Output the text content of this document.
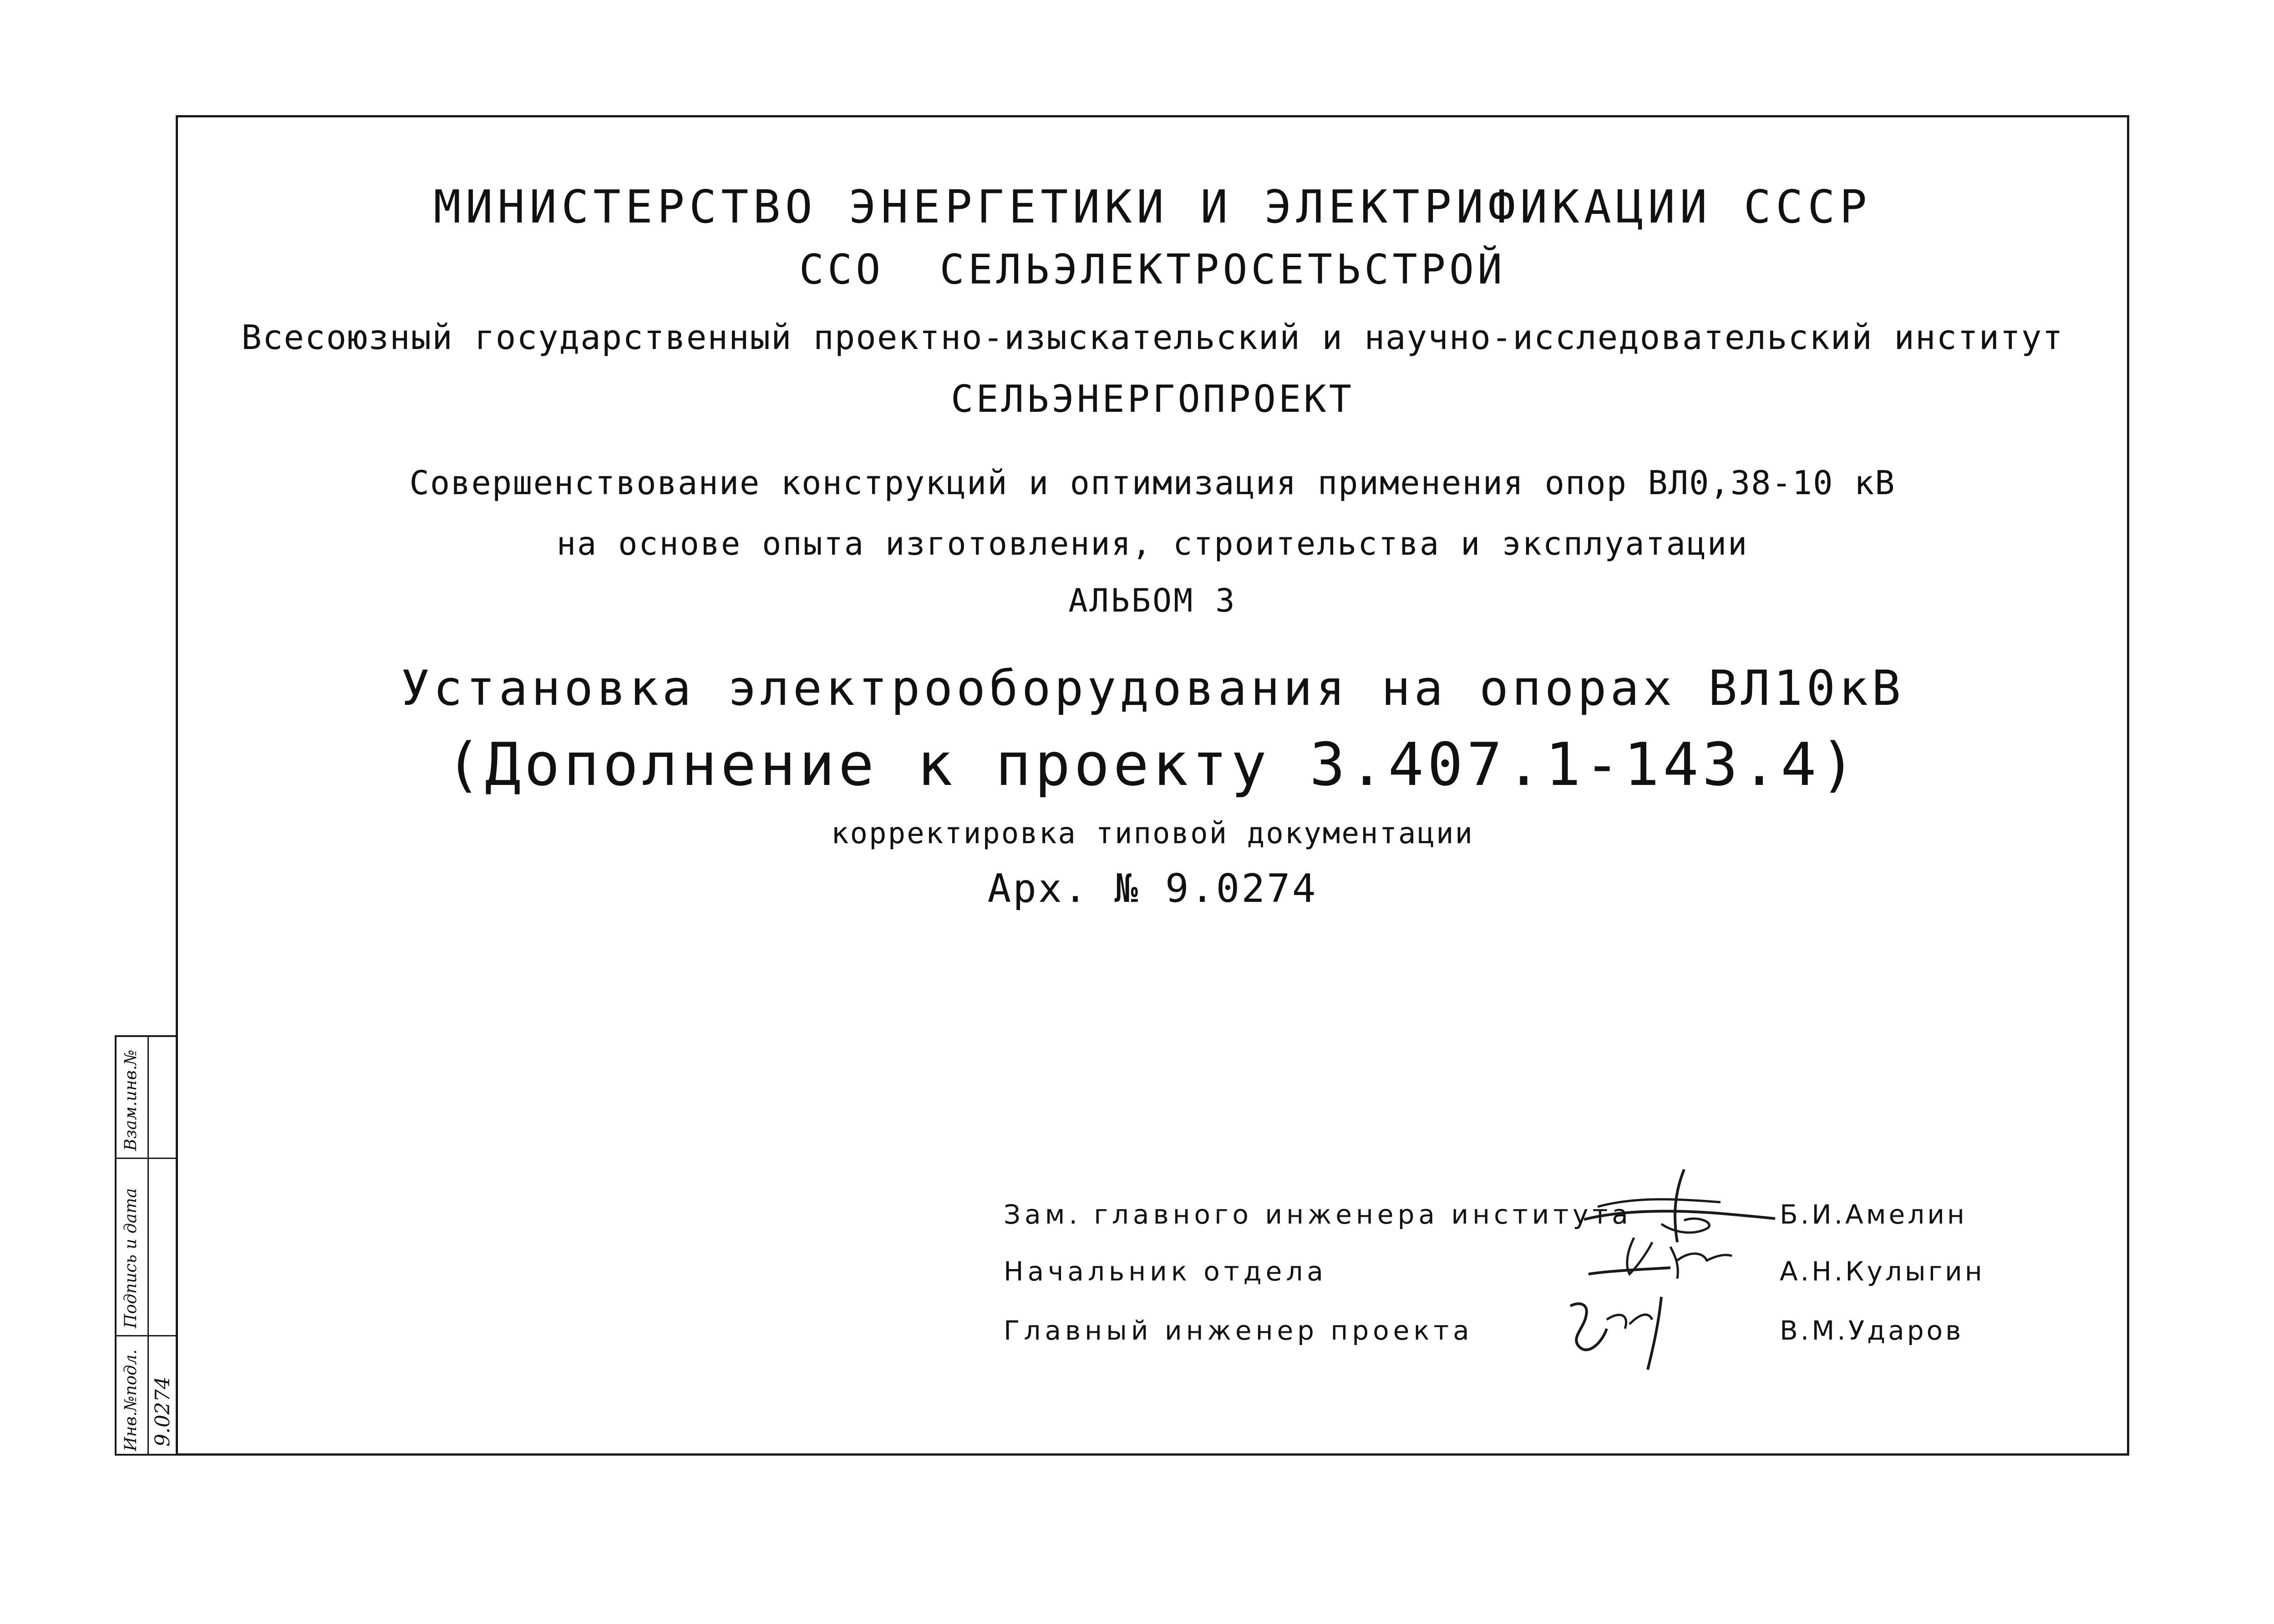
МИНИСТЕРСТВО ЭНЕРГЕТИКИ И ЭЛЕКТРИФИКАЦИИ СССР
ССО СЕЛЬЭЛЕКТРОСЕТЬСТРОЙ
Всесоюзный государственный проектно-изыскательский и научно-исследовательский институт
СЕЛЬЭНЕРГОПРОЕКТ
Совершенствование конструкций и оптимизация применения опор ВЛ0,38-10 кВ
на основе опыта изготовления, строительства и эксплуатации
АЛЬБОМ 3
Установка электрооборудования на опорах ВЛ10кВ
(Дополнение к проекту 3.407.1-143.4)
корректировка типовой документации
Арх. № 9.0274
Зам. главного инженера института	Б.И.Амелин
Начальник отдела	А.Н.Кулыгин
Главный инженер проекта	В.М.Ударов
Взам.инв.№
Подпись и дата
Инв.№подл. 9.0274
